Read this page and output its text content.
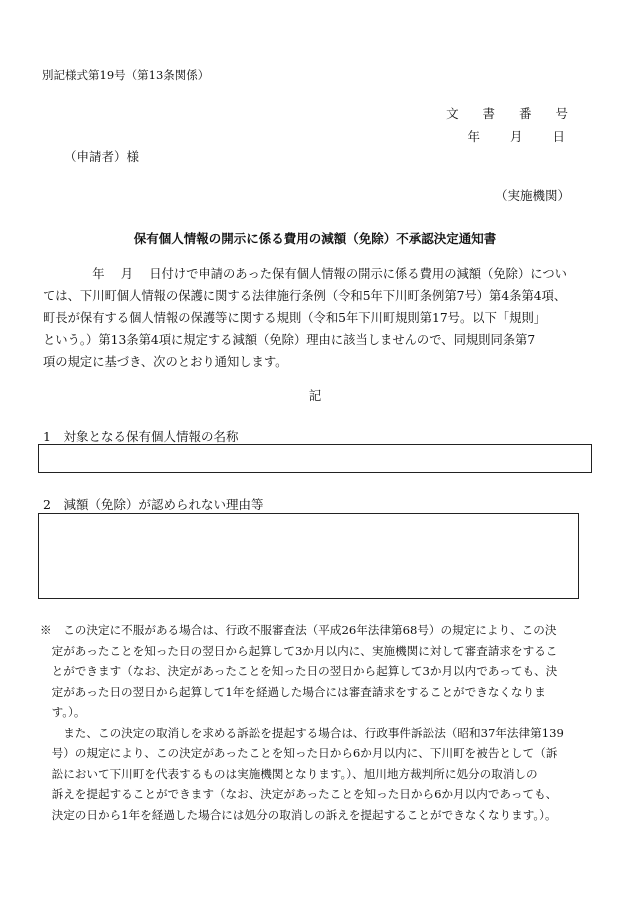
別記様式第19号（第13条関係）
文 書 番 号
年 月 日
（申請者）様
（実施機関）
保有個人情報の開示に係る費用の減額（免除）不承認決定通知書
　　　　年　 月　 日付けで申請のあった保有個人情報の開示に係る費用の減額（免除）につい
ては、下川町個人情報の保護に関する法律施行条例（令和5年下川町条例第7号）第4条第4項、
町長が保有する個人情報の保護等に関する規則（令和5年下川町規則第17号。以下「規則」
という。）第13条第4項に規定する減額（免除）理由に該当しませんので、同規則同条第7
項の規定に基づき、次のとおり通知します。
記
1　対象となる保有個人情報の名称
2　減額（免除）が認められない理由等
※　この決定に不服がある場合は、行政不服審査法（平成26年法律第68号）の規定により、この決
　定があったことを知った日の翌日から起算して3か月以内に、実施機関に対して審査請求をするこ
　とができます（なお、決定があったことを知った日の翌日から起算して3か月以内であっても、決
　定があった日の翌日から起算して1年を経過した場合には審査請求をすることができなくなりま
　す。）。
　　また、この決定の取消しを求める訴訟を提起する場合は、行政事件訴訟法（昭和37年法律第139
　号）の規定により、この決定があったことを知った日から6か月以内に、下川町を被告として（訴
　訟において下川町を代表するものは実施機関となります。）、旭川地方裁判所に処分の取消しの
　訴えを提起することができます（なお、決定があったことを知った日から6か月以内であっても、
　決定の日から1年を経過した場合には処分の取消しの訴えを提起することができなくなります。）。
